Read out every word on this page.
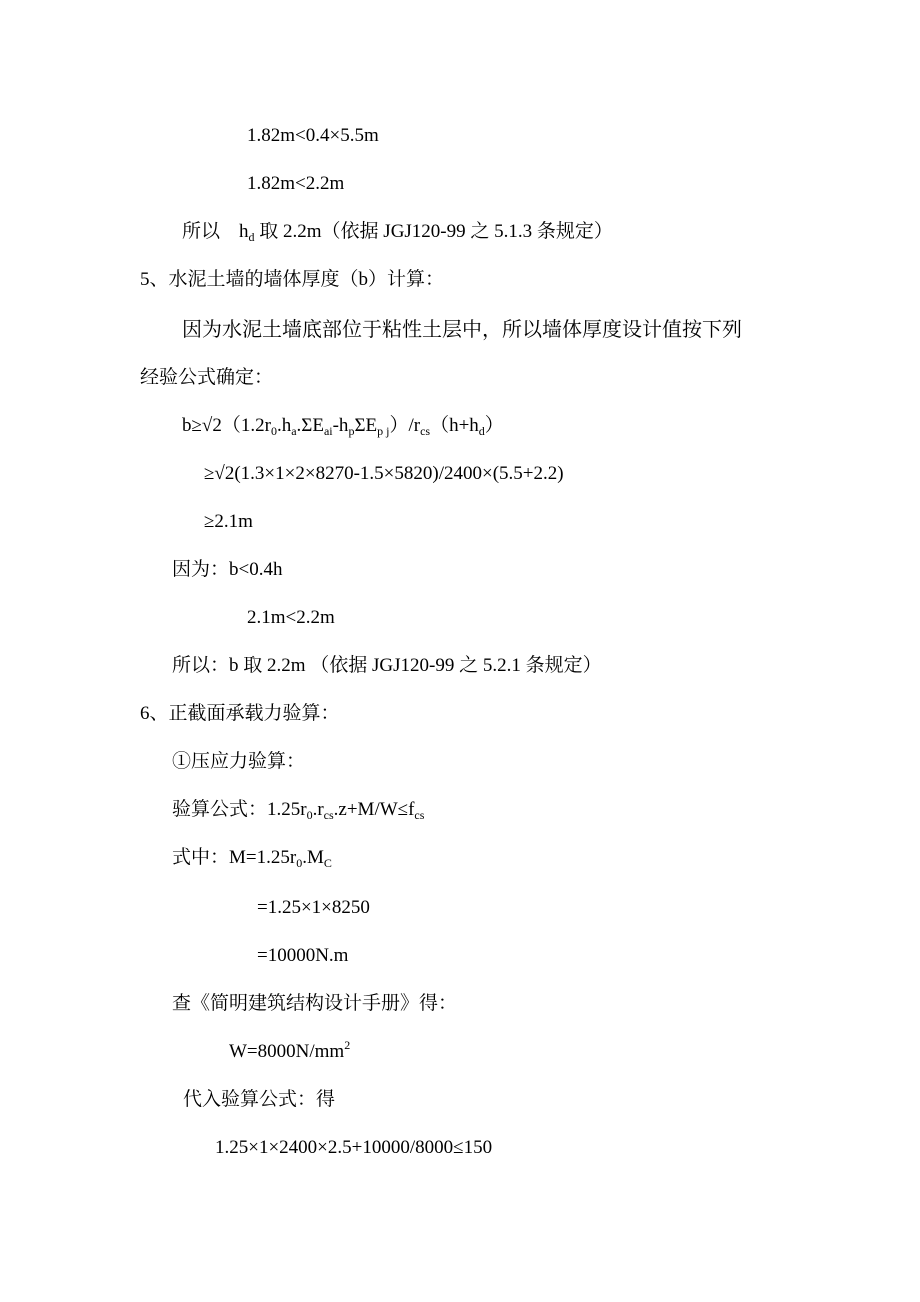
1.82m<0.4×5.5m
1.82m<2.2m
所以　$h_d$ 取 2.2m（依据 JGJ120-99 之 5.1.3 条规定）
5、水泥土墙的墙体厚度（b）计算：
因为水泥土墙底部位于粘性土层中，所以墙体厚度设计值按下列
经验公式确定：
$b\ge√2(1.2r_0.h_a.\Sigma E_{ai}-h_p\Sigma E_{p j})/r_{cs}(h+h_d)$
≥√2(1.3×1×2×8270-1.5×5820)/2400×(5.5+2.2)
≥2.1m
因为：b<0.4h
2.1m<2.2m
所以：b 取 2.2m （依据 JGJ120-99 之 5.2.1 条规定）
6、正截面承载力验算：
①压应力验算：
验算公式：$1.25r_0.r_{cs}.z+M/W\le f_{cs}$
式中：$M=1.25r_0.M_C$
=1.25×1×8250
=10000N.m
查《简明建筑结构设计手册》得：
$W=8000N/mm^2$
代入验算公式：得
1.25×1×2400×2.5+10000/8000≤150
